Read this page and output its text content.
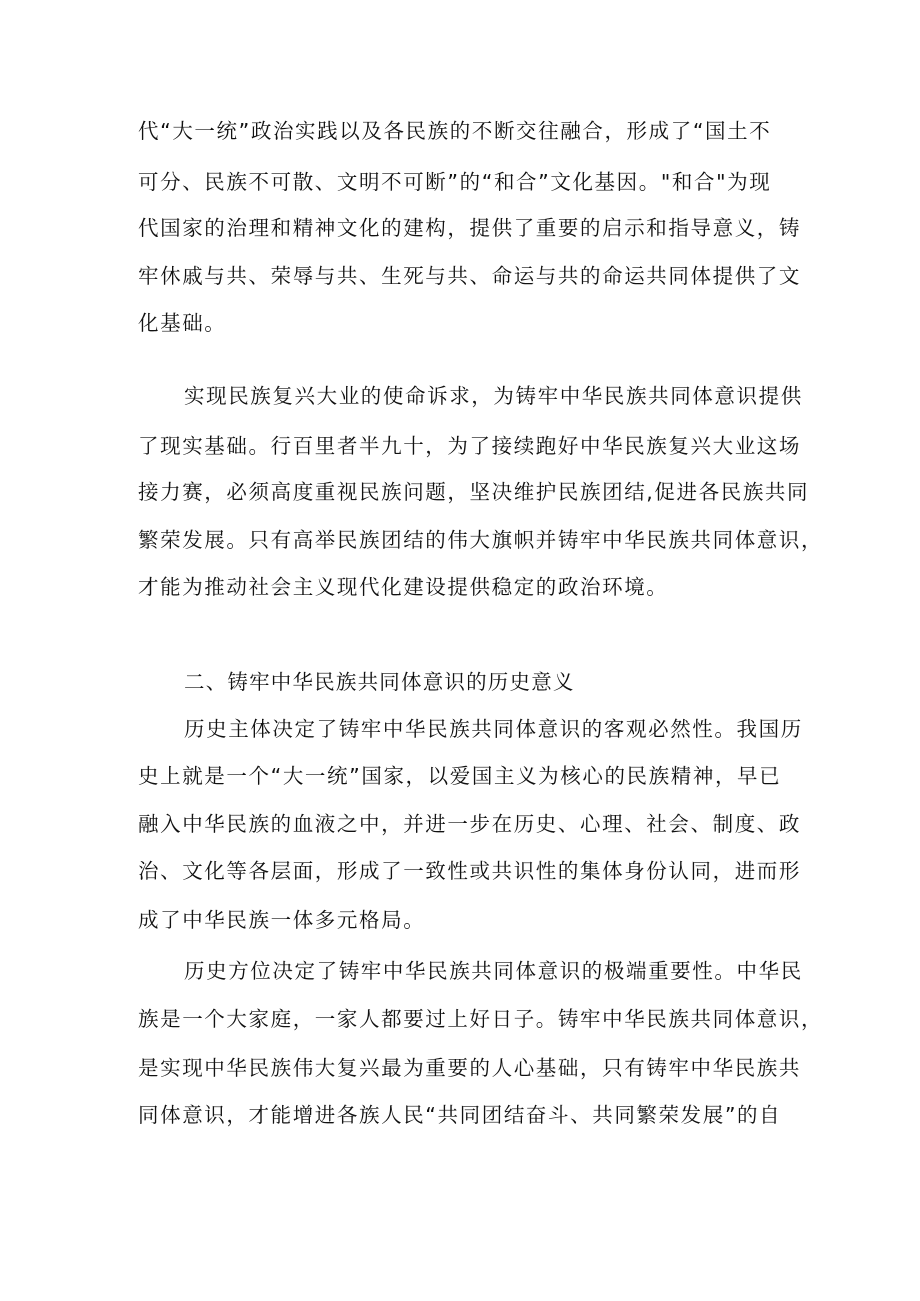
代“大一统”政治实践以及各民族的不断交往融合，形成了“国土不

可分、民族不可散、文明不可断”的“和合”文化基因。"和合"为现

代国家的治理和精神文化的建构，提供了重要的启示和指导意义，铸

牢休戚与共、荣辱与共、生死与共、命运与共的命运共同体提供了文

化基础。

实现民族复兴大业的使命诉求，为铸牢中华民族共同体意识提供

了现实基础。行百里者半九十，为了接续跑好中华民族复兴大业这场

接力赛，必须高度重视民族问题，坚决维护民族团结,促进各民族共同

繁荣发展。只有高举民族团结的伟大旗帜并铸牢中华民族共同体意识，

才能为推动社会主义现代化建设提供稳定的政治环境。

二、铸牢中华民族共同体意识的历史意义

历史主体决定了铸牢中华民族共同体意识的客观必然性。我国历

史上就是一个“大一统”国家，以爱国主义为核心的民族精神，早已

融入中华民族的血液之中，并进一步在历史、心理、社会、制度、政

治、文化等各层面，形成了一致性或共识性的集体身份认同，进而形

成了中华民族一体多元格局。

历史方位决定了铸牢中华民族共同体意识的极端重要性。中华民

族是一个大家庭，一家人都要过上好日子。铸牢中华民族共同体意识，

是实现中华民族伟大复兴最为重要的人心基础，只有铸牢中华民族共

同体意识，才能增进各族人民“共同团结奋斗、共同繁荣发展”的自
